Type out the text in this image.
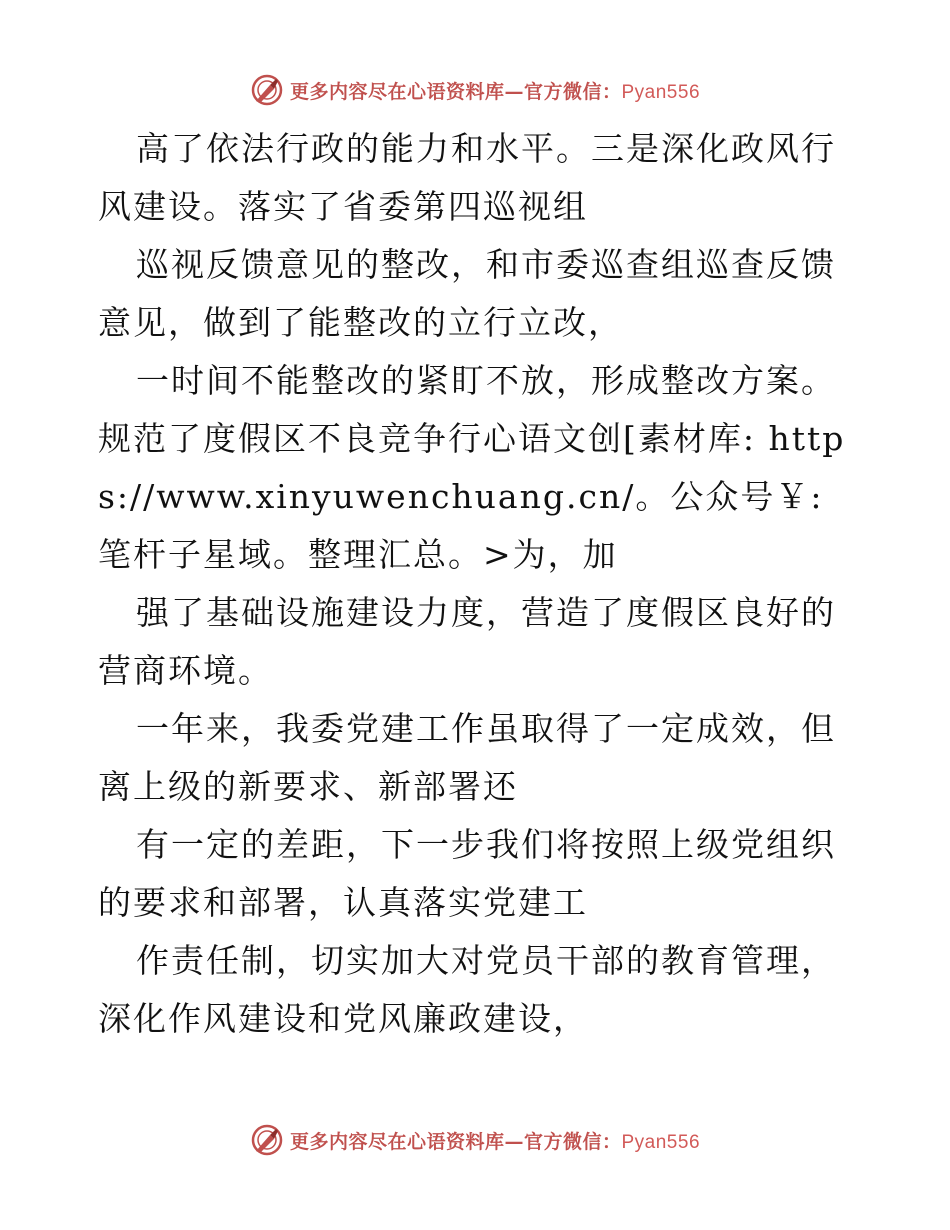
更多内容尽在心语资料库—官方微信：Pyan556

高了依法行政的能力和水平。三是深化政风行风建设。落实了省委第四巡视组

巡视反馈意见的整改，和市委巡查组巡查反馈意见，做到了能整改的立行立改，

一时间不能整改的紧盯不放，形成整改方案。规范了度假区不良竞争行心语文创[素材库: https://www.xinyuwenchuang.cn/。公众号￥: 笔杆子星域。整理汇总。>为，加

强了基础设施建设力度，营造了度假区良好的营商环境。

一年来，我委党建工作虽取得了一定成效，但离上级的新要求、新部署还

有一定的差距，下一步我们将按照上级党组织的要求和部署，认真落实党建工

作责任制，切实加大对党员干部的教育管理，深化作风建设和党风廉政建设，

更多内容尽在心语资料库—官方微信：Pyan556
